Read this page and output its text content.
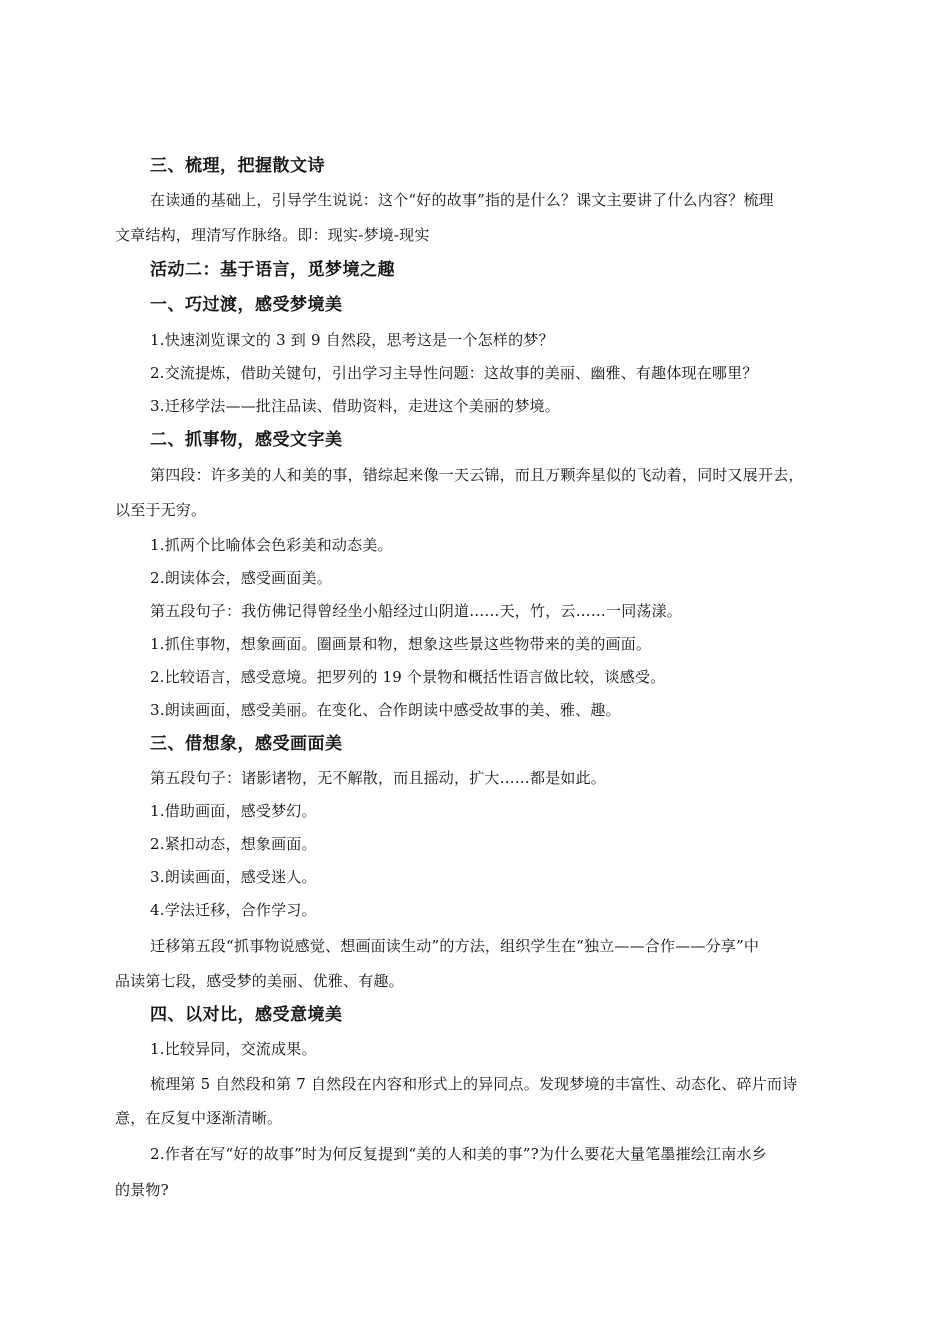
三、梳理，把握散文诗
在读通的基础上，引导学生说说：这个“好的故事”指的是什么？课文主要讲了什么内容？梳理
文章结构，理清写作脉络。即：现实-梦境-现实
活动二：基于语言，觅梦境之趣
一、巧过渡，感受梦境美
1.快速浏览课文的 3 到 9 自然段，思考这是一个怎样的梦？
2.交流提炼，借助关键句，引出学习主导性问题：这故事的美丽、幽雅、有趣体现在哪里？
3.迁移学法——批注品读、借助资料，走进这个美丽的梦境。
二、抓事物，感受文字美
第四段：许多美的人和美的事，错综起来像一天云锦，而且万颗奔星似的飞动着，同时又展开去，
以至于无穷。
1.抓两个比喻体会色彩美和动态美。
2.朗读体会，感受画面美。
第五段句子：我仿佛记得曾经坐小船经过山阴道……天，竹，云……一同荡漾。
1.抓住事物，想象画面。圈画景和物，想象这些景这些物带来的美的画面。
2.比较语言，感受意境。把罗列的 19 个景物和概括性语言做比较，谈感受。
3.朗读画面，感受美丽。在变化、合作朗读中感受故事的美、雅、趣。
三、借想象，感受画面美
第五段句子：诸影诸物，无不解散，而且摇动，扩大……都是如此。
1.借助画面，感受梦幻。
2.紧扣动态，想象画面。
3.朗读画面，感受迷人。
4.学法迁移，合作学习。
迁移第五段“抓事物说感觉、想画面读生动”的方法，组织学生在“独立——合作——分享”中
品读第七段，感受梦的美丽、优雅、有趣。
四、以对比，感受意境美
1.比较异同，交流成果。
梳理第 5 自然段和第 7 自然段在内容和形式上的异同点。发现梦境的丰富性、动态化、碎片而诗
意，在反复中逐渐清晰。
2.作者在写“好的故事”时为何反复提到“美的人和美的事”?为什么要花大量笔墨摧绘江南水乡
的景物?
